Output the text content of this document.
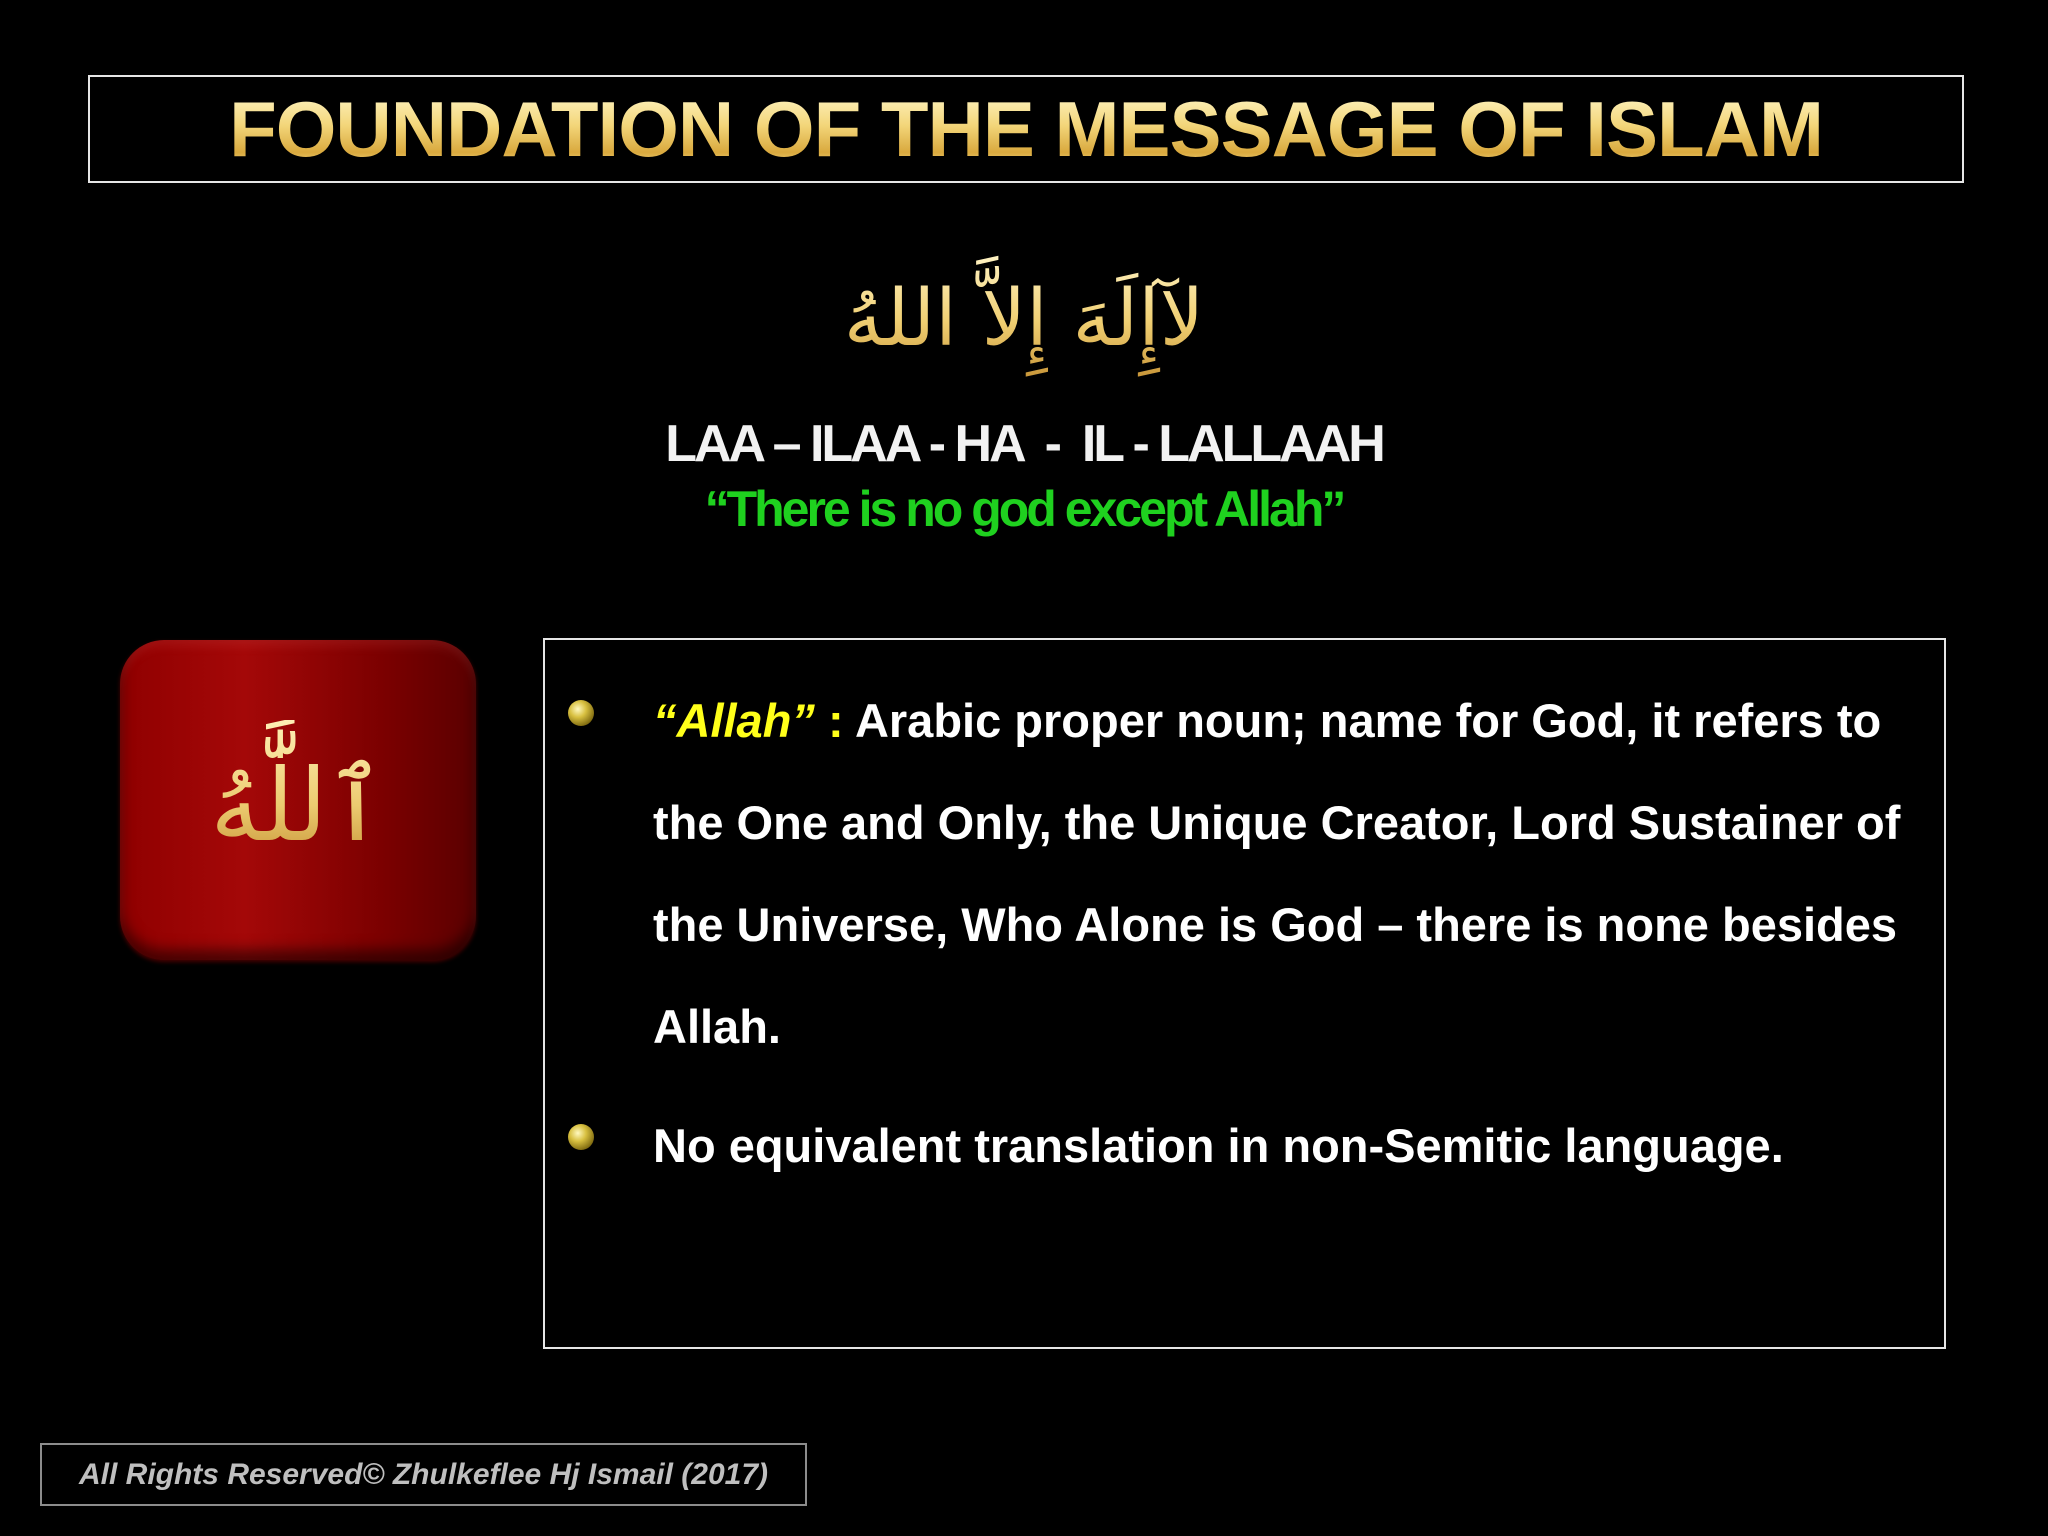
FOUNDATION OF THE MESSAGE OF ISLAM
لآإِلَهَ إِلاَّ اللهُ
LAA – ILAA - HA  -  IL - LALLAAH
“There is no god except Allah”
ٱللَّٰهُ
“Allah” : Arabic proper noun; name for God, it refers to the One and Only, the Unique Creator, Lord Sustainer of the Universe, Who Alone is God – there is none besides Allah.
No equivalent translation in non-Semitic language.
All Rights Reserved© Zhulkeflee Hj Ismail (2017)
